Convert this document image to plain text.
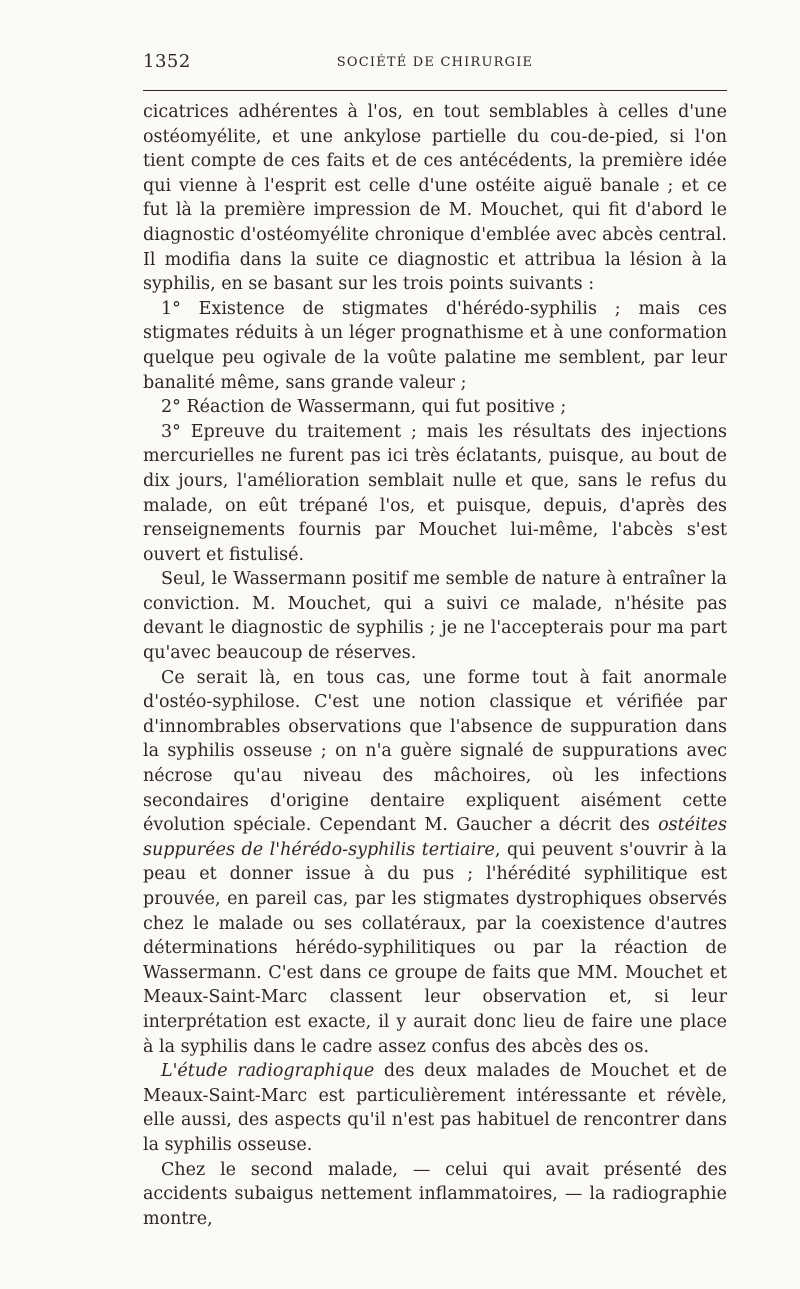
1352	SOCIÉTÉ DE CHIRURGIE

cicatrices adhérentes à l'os, en tout semblables à celles d'une ostéomyélite, et une ankylose partielle du cou-de-pied, si l'on tient compte de ces faits et de ces antécédents, la première idée qui vienne à l'esprit est celle d'une ostéite aiguë banale ; et ce fut là la première impression de M. Mouchet, qui fit d'abord le diagnostic d'ostéomyélite chronique d'emblée avec abcès central. Il modifia dans la suite ce diagnostic et attribua la lésion à la syphilis, en se basant sur les trois points suivants :

1° Existence de stigmates d'hérédo-syphilis ; mais ces stigmates réduits à un léger prognathisme et à une conformation quelque peu ogivale de la voûte palatine me semblent, par leur banalité même, sans grande valeur ;

2° Réaction de Wassermann, qui fut positive ;

3° Epreuve du traitement ; mais les résultats des injections mercurielles ne furent pas ici très éclatants, puisque, au bout de dix jours, l'amélioration semblait nulle et que, sans le refus du malade, on eût trépané l'os, et puisque, depuis, d'après des renseignements fournis par Mouchet lui-même, l'abcès s'est ouvert et fistulisé.

Seul, le Wassermann positif me semble de nature à entraîner la conviction. M. Mouchet, qui a suivi ce malade, n'hésite pas devant le diagnostic de syphilis ; je ne l'accepterais pour ma part qu'avec beaucoup de réserves.

Ce serait là, en tous cas, une forme tout à fait anormale d'ostéo-syphilose. C'est une notion classique et vérifiée par d'innombrables observations que l'absence de suppuration dans la syphilis osseuse ; on n'a guère signalé de suppurations avec nécrose qu'au niveau des mâchoires, où les infections secondaires d'origine dentaire expliquent aisément cette évolution spéciale. Cependant M. Gaucher a décrit des ostéites suppurées de l'hérédo-syphilis tertiaire, qui peuvent s'ouvrir à la peau et donner issue à du pus ; l'hérédité syphilitique est prouvée, en pareil cas, par les stigmates dystrophiques observés chez le malade ou ses collatéraux, par la coexistence d'autres déterminations hérédo-syphilitiques ou par la réaction de Wassermann. C'est dans ce groupe de faits que MM. Mouchet et Meaux-Saint-Marc classent leur observation et, si leur interprétation est exacte, il y aurait donc lieu de faire une place à la syphilis dans le cadre assez confus des abcès des os.

L'étude radiographique des deux malades de Mouchet et de Meaux-Saint-Marc est particulièrement intéressante et révèle, elle aussi, des aspects qu'il n'est pas habituel de rencontrer dans la syphilis osseuse.

Chez le second malade, — celui qui avait présenté des accidents subaigus nettement inflammatoires, — la radiographie montre,
